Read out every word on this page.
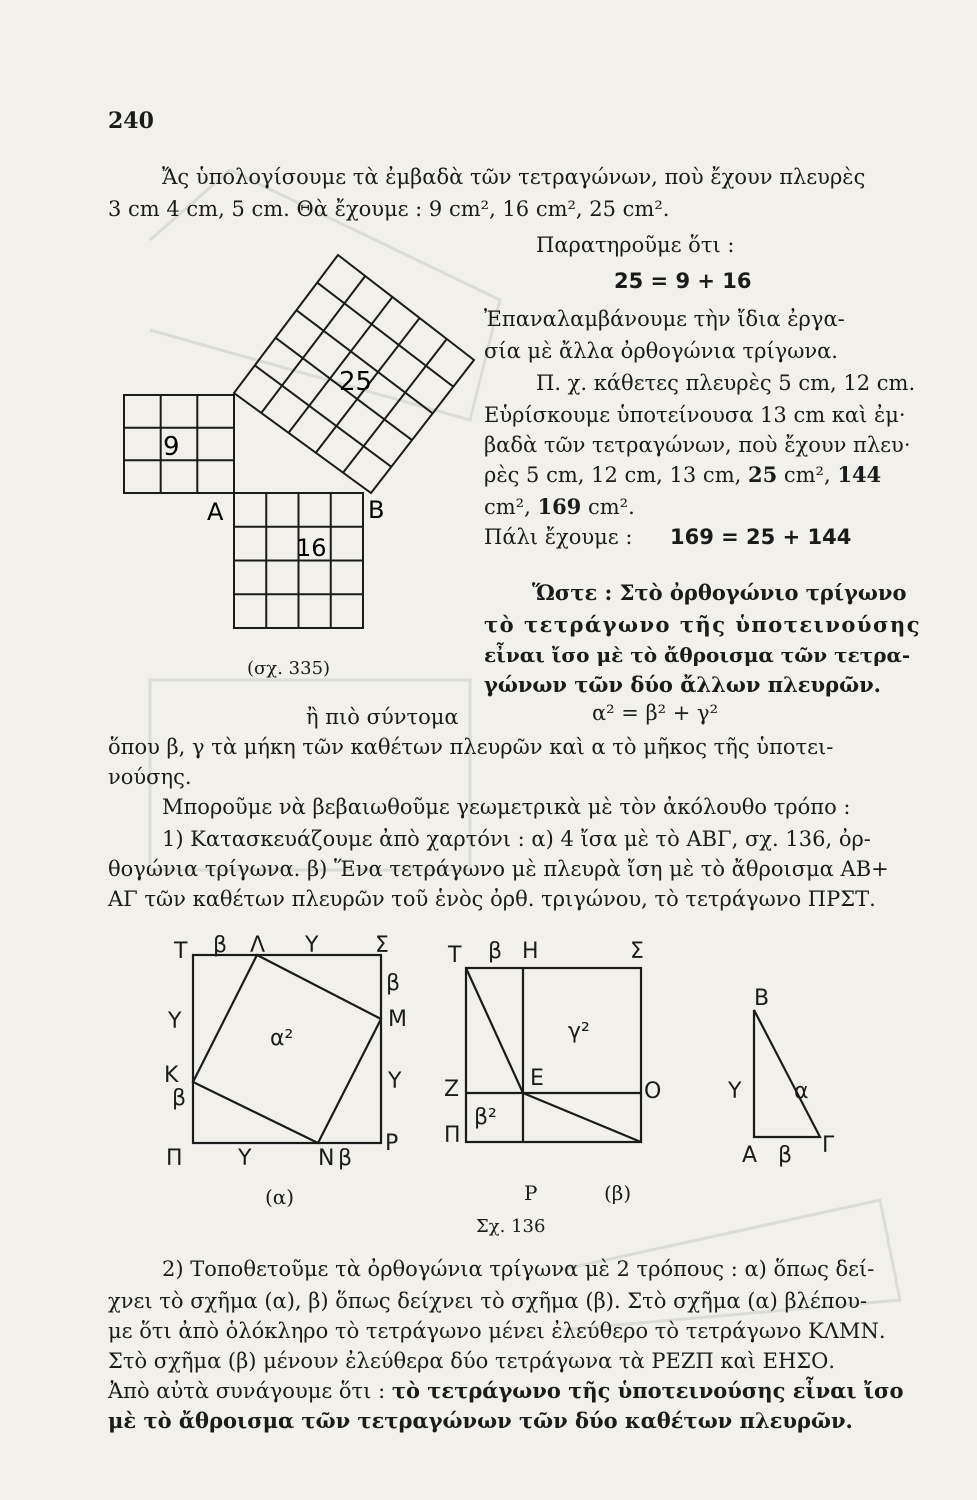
240
Ἄς ὑπολογίσουμε τὰ ἐμβαδὰ τῶν τετραγώνων, ποὺ ἔχουν πλευρὲς
3 cm 4 cm, 5 cm. Θὰ ἔχουμε : 9 cm², 16 cm², 25 cm².
Παρατηροῦμε ὅτι :
25 = 9 + 16
Ἐπαναλαμβάνουμε τὴν ἴδια ἐργα-
σία μὲ ἄλλα ὀρθογώνια τρίγωνα.
Π. χ. κάθετες πλευρὲς 5 cm, 12 cm.
Εὑρίσκουμε ὑποτείνουσα 13 cm καὶ ἐμ·
βαδὰ τῶν τετραγώνων, ποὺ ἔχουν πλευ·
ρὲς 5 cm, 12 cm, 13 cm, 25 cm², 144
cm², 169 cm².
Πάλι ἔχουμε : 169 = 25 + 144
Ὥστε : Στὸ ὀρθογώνιο τρίγωνο
τὸ τετράγωνο τῆς ὑποτεινούσης
εἶναι ἴσο μὲ τὸ ἄθροισμα τῶν τετρα-
γώνων τῶν δύο ἄλλων πλευρῶν.
ἢ πιὸ σύντομα	α² = β² + γ²
25
9
16
A	B
(σχ. 335)
ὅπου β, γ τὰ μήκη τῶν καθέτων πλευρῶν καὶ α τὸ μῆκος τῆς ὑποτει-
νούσης.
Μποροῦμε νὰ βεβαιωθοῦμε γεωμετρικὰ μὲ τὸν ἀκόλουθο τρόπο :
1) Κατασκευάζουμε ἀπὸ χαρτόνι : α) 4 ἴσα μὲ τὸ ΑΒΓ, σχ. 136, ὀρ-
θογώνια τρίγωνα. β) Ἕνα τετράγωνο μὲ πλευρὰ ἴση μὲ τὸ ἄθροισμα ΑΒ+
ΑΓ τῶν καθέτων πλευρῶν τοῦ ἑνὸς ὀρθ. τριγώνου, τὸ τετράγωνο ΠΡΣΤ.
T β Λ Υ	Σ
β
M
Υ
P
Υ
K
β
Π	Υ	N β
α²
T β H	Σ
γ²
Z	E
O
β²
Π
B
Υ α
A β Γ
(α)	P	(β)
Σχ. 136
2) Τοποθετοῦμε τὰ ὀρθογώνια τρίγωνα μὲ 2 τρόπους : α) ὅπως δεί-
χνει τὸ σχῆμα (α), β) ὅπως δείχνει τὸ σχῆμα (β). Στὸ σχῆμα (α) βλέπου-
με ὅτι ἀπὸ ὁλόκληρο τὸ τετράγωνο μένει ἐλεύθερο τὸ τετράγωνο ΚΛΜΝ.
Στὸ σχῆμα (β) μένουν ἐλεύθερα δύο τετράγωνα τὰ ΡΕΖΠ καὶ ΕΗΣΟ.
Ἀπὸ αὐτὰ συνάγουμε ὅτι : τὸ τετράγωνο τῆς ὑποτεινούσης εἶναι ἴσο
μὲ τὸ ἄθροισμα τῶν τετραγώνων τῶν δύο καθέτων πλευρῶν.
